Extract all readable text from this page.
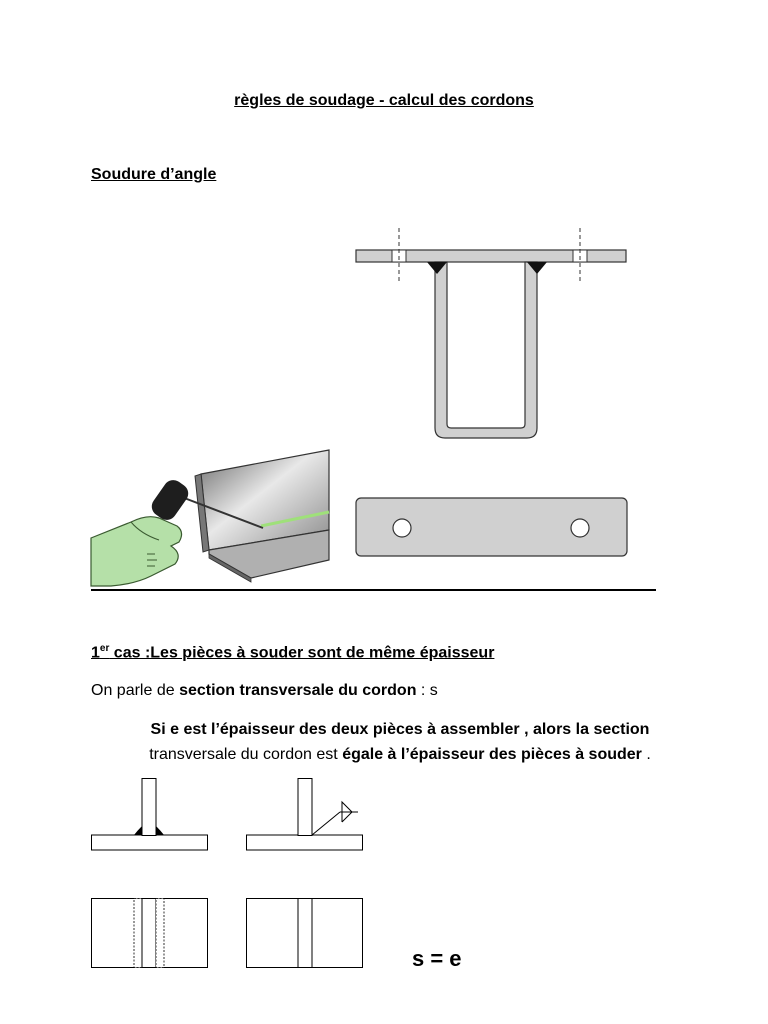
règles de soudage - calcul des cordons
Soudure d’angle
1er cas :Les pièces à souder sont de même épaisseur
On parle de section transversale du cordon : s
Si e est l’épaisseur des deux pièces à assembler , alors la section
transversale du cordon est égale à l’épaisseur des pièces à souder .
s = e
